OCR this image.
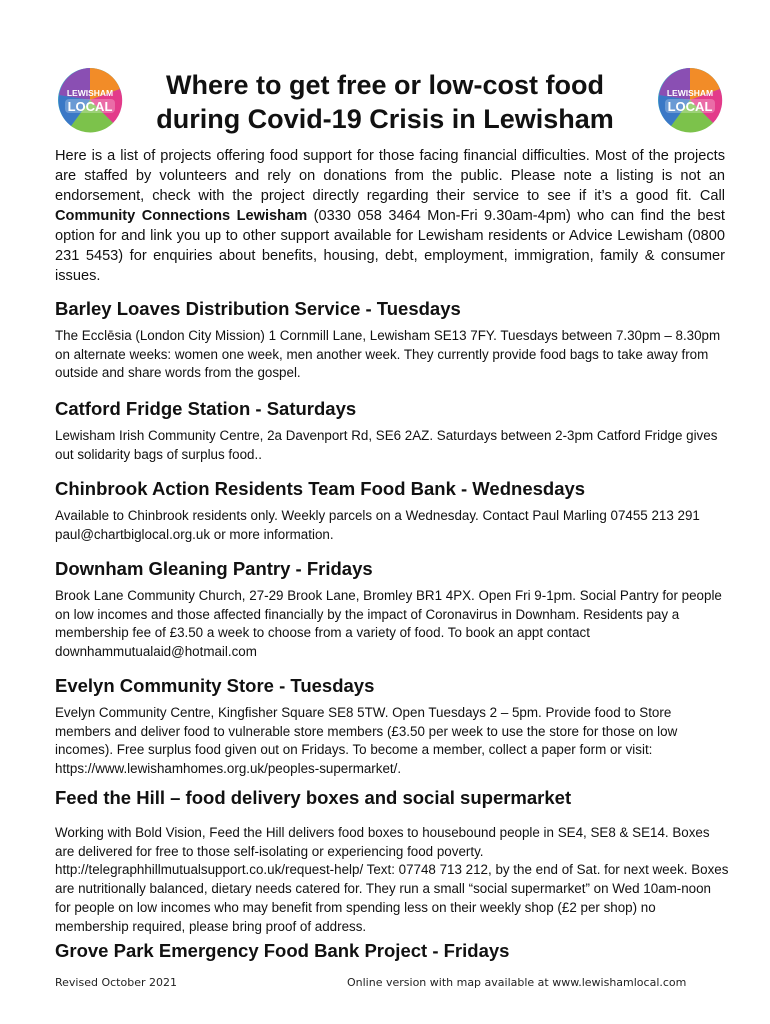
LEWISHAM
LOCAL
LEWISHAM
LOCAL
Where to get free or low-cost food
during Covid-19 Crisis in Lewisham
Here is a list of projects offering food support for those facing financial difficulties. Most of the projects are staffed by volunteers and rely on donations from the public. Please note a listing is not an endorsement, check with the project directly regarding their service to see if it’s a good fit. Call Community Connections Lewisham (0330 058 3464 Mon-Fri 9.30am-4pm) who can find the best option for and link you up to other support available for Lewisham residents or Advice Lewisham (0800 231 5453) for enquiries about benefits, housing, debt, employment, immigration, family & consumer issues.
Barley Loaves Distribution Service - Tuesdays

The Ecclēsia (London City Mission) 1 Cornmill Lane, Lewisham SE13 7FY. Tuesdays between 7.30pm – 8.30pm on alternate weeks: women one week, men another week. They currently provide food bags to take away from outside and share words from the gospel.

Catford Fridge Station - Saturdays

Lewisham Irish Community Centre, 2a Davenport Rd, SE6 2AZ. Saturdays between 2-3pm Catford Fridge gives out solidarity bags of surplus food..

Chinbrook Action Residents Team Food Bank - Wednesdays

Available to Chinbrook residents only. Weekly parcels on a Wednesday. Contact Paul Marling 07455 213 291 paul@chartbiglocal.org.uk or more information.

Downham Gleaning Pantry - Fridays

Brook Lane Community Church, 27-29 Brook Lane, Bromley BR1 4PX. Open Fri 9-1pm. Social Pantry for people on low incomes and those affected financially by the impact of Coronavirus in Downham. Residents pay a membership fee of £3.50 a week to choose from a variety of food. To book an appt contact downhammutualaid@hotmail.com

Evelyn Community Store - Tuesdays

Evelyn Community Centre, Kingfisher Square SE8 5TW. Open Tuesdays 2 – 5pm. Provide food to Store members and deliver food to vulnerable store members (£3.50 per week to use the store for those on low incomes). Free surplus food given out on Fridays. To become a member, collect a paper form or visit: https://www.lewishamhomes.org.uk/peoples-supermarket/.

Feed the Hill – food delivery boxes and social supermarket

Working with Bold Vision, Feed the Hill delivers food boxes to housebound people in SE4, SE8 & SE14. Boxes are delivered for free to those self-isolating or experiencing food poverty. http://telegraphhillmutualsupport.co.uk/request-help/ Text: 07748 713 212, by the end of Sat. for next week. Boxes are nutritionally balanced, dietary needs catered for. They run a small “social supermarket” on Wed 10am-noon for people on low incomes who may benefit from spending less on their weekly shop (£2 per shop) no membership required, please bring proof of address.

Grove Park Emergency Food Bank Project - Fridays
Revised October 2021	Online version with map available at www.lewishamlocal.com
